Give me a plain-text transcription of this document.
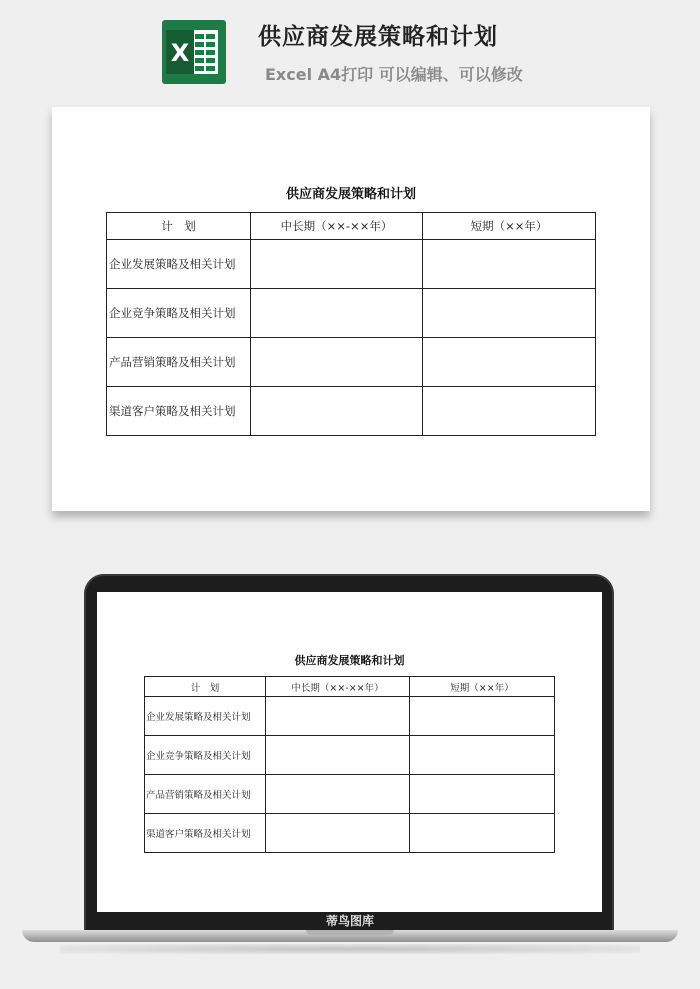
X
供应商发展策略和计划
Excel A4打印 可以编辑、可以修改
供应商发展策略和计划
计　划	中长期（××-××年）	短期（××年）
企业发展策略及相关计划		
企业竞争策略及相关计划		
产品营销策略及相关计划		
渠道客户策略及相关计划		
供应商发展策略和计划
计　划	中长期（××-××年）	短期（××年）
企业发展策略及相关计划		
企业竞争策略及相关计划		
产品营销策略及相关计划		
渠道客户策略及相关计划		
蒂鸟图库
